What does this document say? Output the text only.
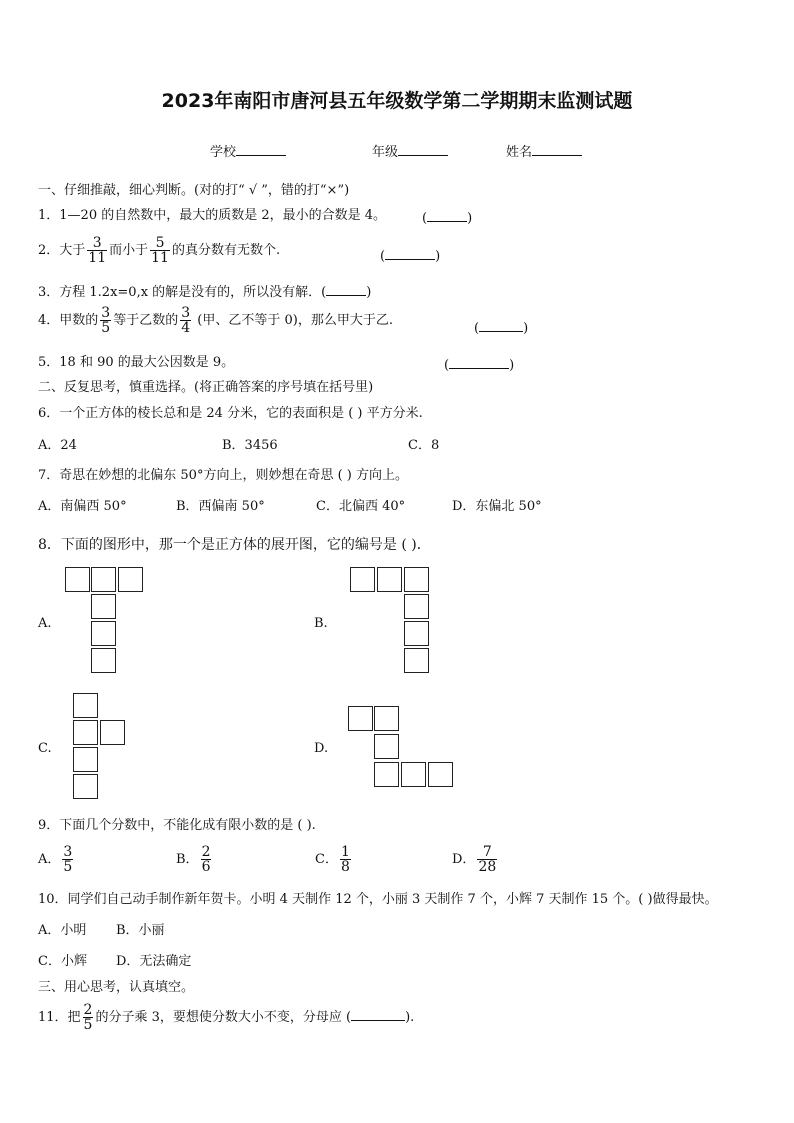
2023年南阳市唐河县五年级数学第二学期期末监测试题
学校	年级	姓名
一、仔细推敲，细心判断。(对的打“ √ ”，错的打“×”)
1．1—20 的自然数中，最大的质数是 2，最小的合数是 4。	(	)
2．大于 $\frac{3}{11}$ 而小于 $\frac{5}{11}$ 的真分数有无数个.	(	)
3．方程 1.2x=0,x 的解是没有的，所以没有解．(	)
4．甲数的 $\frac{3}{5}$ 等于乙数的 $\frac{3}{4}$ (甲、乙不等于 0)，那么甲大于乙.
(	)
5．18 和 90 的最大公因数是 9。	(	)
二、反复思考，慎重选择。(将正确答案的序号填在括号里)
6．一个正方体的棱长总和是 24 分米，它的表面积是 ( ) 平方分米.
A．24	B．3456	C．8
7．奇思在妙想的北偏东 50°方向上，则妙想在奇思 ( ) 方向上。
A．南偏西 50°	B．西偏南 50°	C．北偏西 40°	D．东偏北 50°
8．下面的图形中，那一个是正方体的展开图，它的编号是 ( )．
A.	B.
C.	D.
9．下面几个分数中，不能化成有限小数的是 ( ).
A． $\frac{3}{5}$	B． $\frac{2}{6}$	C． $\frac{1}{8}$	D． $\frac{7}{28}$
10．同学们自己动手制作新年贺卡。小明 4 天制作 12 个，小丽 3 天制作 7 个，小辉 7 天制作 15 个。( )做得最快。
A．小明 B．小丽
C．小辉 D．无法确定
三、用心思考，认真填空。
11．把 $\frac{2}{5}$ 的分子乘 3，要想使分数大小不变，分母应 (	).
